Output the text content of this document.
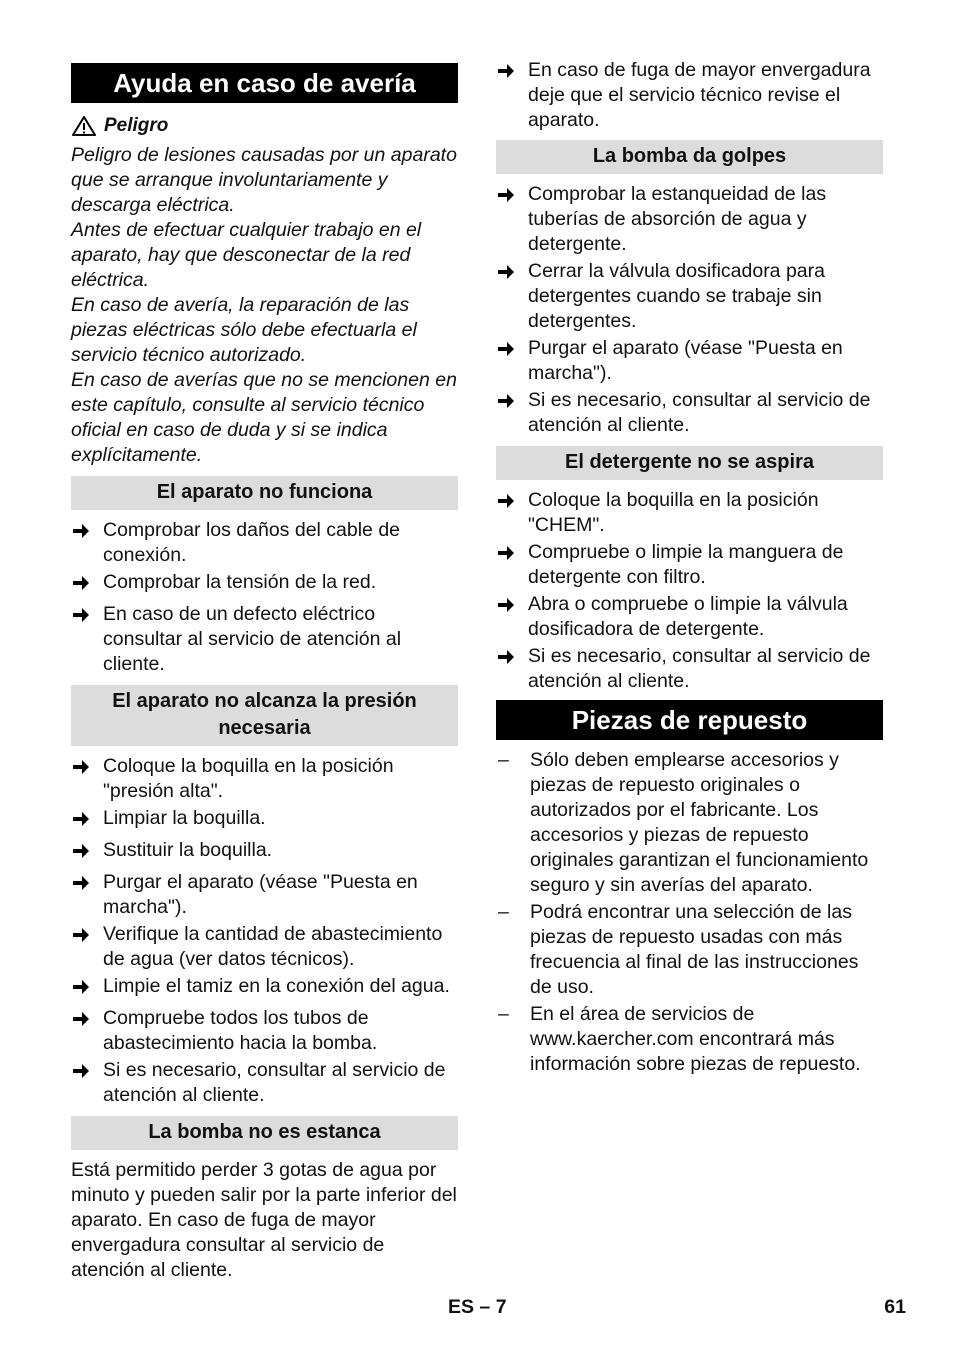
Ayuda en caso de avería
Peligro

Peligro de lesiones causadas por un aparato que se arranque involuntariamente y descarga eléctrica.

Antes de efectuar cualquier trabajo en el aparato, hay que desconectar de la red eléctrica.

En caso de avería, la reparación de las piezas eléctricas sólo debe efectuarla el servicio técnico autorizado.

En caso de averías que no se mencionen en este capítulo, consulte al servicio técnico oficial en caso de duda y si se indica explícitamente.

El aparato no funciona
Comprobar los daños del cable de conexión.
Comprobar la tensión de la red.
En caso de un defecto eléctrico consultar al servicio de atención al cliente.
El aparato no alcanza la presión necesaria
Coloque la boquilla en la posición "presión alta".
Limpiar la boquilla.
Sustituir la boquilla.
Purgar el aparato (véase "Puesta en marcha").
Verifique la cantidad de abastecimiento de agua (ver datos técnicos).
Limpie el tamiz en la conexión del agua.
Compruebe todos los tubos de abastecimiento hacia la bomba.
Si es necesario, consultar al servicio de atención al cliente.
La bomba no es estanca

Está permitido perder 3 gotas de agua por minuto y pueden salir por la parte inferior del aparato. En caso de fuga de mayor envergadura consultar al servicio de atención al cliente.

En caso de fuga de mayor envergadura deje que el servicio técnico revise el aparato.
La bomba da golpes
Comprobar la estanqueidad de las tuberías de absorción de agua y detergente.
Cerrar la válvula dosificadora para detergentes cuando se trabaje sin detergentes.
Purgar el aparato (véase "Puesta en marcha").
Si es necesario, consultar al servicio de atención al cliente.
El detergente no se aspira
Coloque la boquilla en la posición "CHEM".
Compruebe o limpie la manguera de detergente con filtro.
Abra o compruebe o limpie la válvula dosificadora de detergente.
Si es necesario, consultar al servicio de atención al cliente.
Piezas de repuesto
–	Sólo deben emplearse accesorios y piezas de repuesto originales o autorizados por el fabricante. Los accesorios y piezas de repuesto originales garantizan el funcionamiento seguro y sin averías del aparato.
–	Podrá encontrar una selección de las piezas de repuesto usadas con más frecuencia al final de las instrucciones de uso.
–	En el área de servicios de www.kaercher.com encontrará más información sobre piezas de repuesto.
ES – 7	61
